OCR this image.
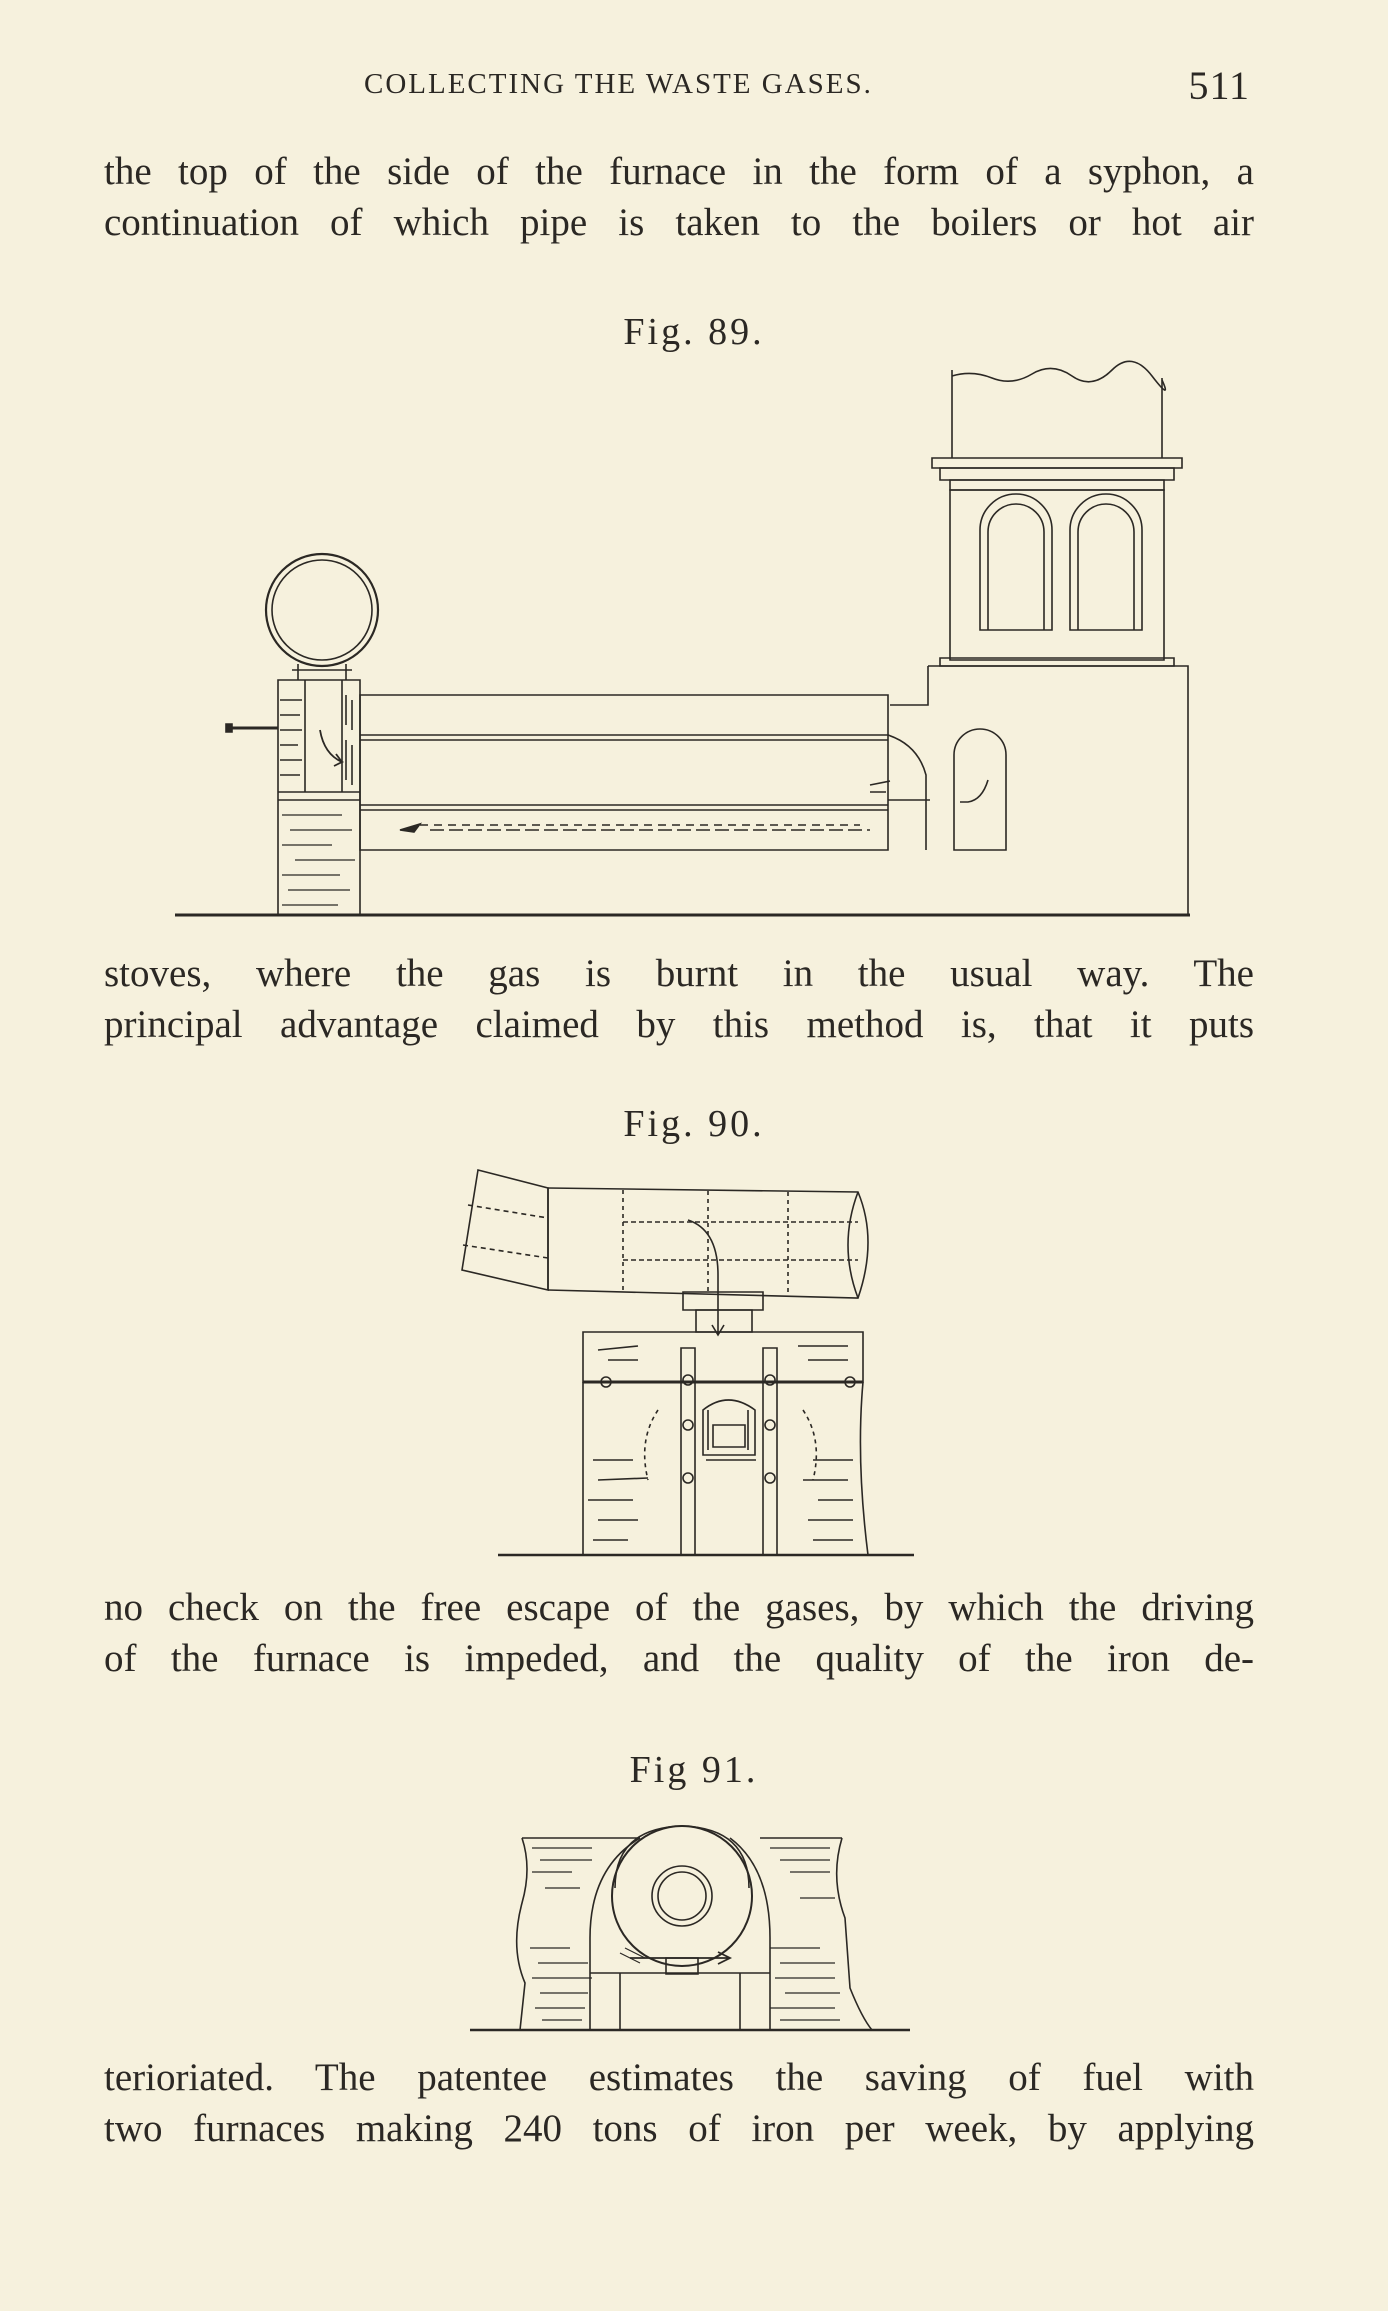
COLLECTING THE WASTE GASES.	511
the top of the side of the furnace in the form of a syphon, a
continuation of which pipe is taken to the boilers or hot air
Fig. 89.
stoves, where the gas is burnt in the usual way. The
principal advantage claimed by this method is, that it puts
Fig. 90.
no check on the free escape of the gases, by which the driving
of the furnace is impeded, and the quality of the iron de-
Fig 91.
terioriated. The patentee estimates the saving of fuel with
two furnaces making 240 tons of iron per week, by applying
